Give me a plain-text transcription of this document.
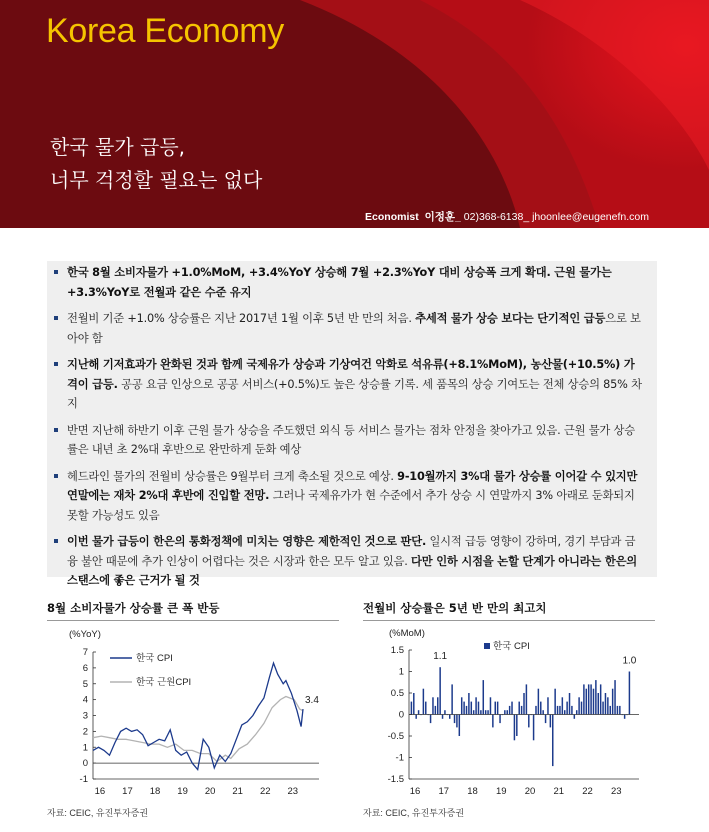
Korea Economy
한국 물가 급등,
너무 걱정할 필요는 없다
Economist 이정훈_ 02)368-6138_ jhoonlee@eugenefn.com
한국 8월 소비자물가 +1.0%MoM, +3.4%YoY 상승해 7월 +2.3%YoY 대비 상승폭 크게 확대. 근원 물가는 +3.3%YoY로 전월과 같은 수준 유지
전월비 기준 +1.0% 상승률은 지난 2017년 1월 이후 5년 반 만의 처음. 추세적 물가 상승 보다는 단기적인 급등으로 보아야 함
지난해 기저효과가 완화된 것과 함께 국제유가 상승과 기상여건 악화로 석유류(+8.1%MoM), 농산물(+10.5%) 가격이 급등. 공공 요금 인상으로 공공 서비스(+0.5%)도 높은 상승률 기록. 세 품목의 상승 기여도는 전체 상승의 85% 차지
반면 지난해 하반기 이후 근원 물가 상승을 주도했던 외식 등 서비스 물가는 점차 안정을 찾아가고 있음. 근원 물가 상승률은 내년 초 2%대 후반으로 완만하게 둔화 예상
헤드라인 물가의 전월비 상승률은 9월부터 크게 축소될 것으로 예상. 9-10월까지 3%대 물가 상승률 이어갈 수 있지만 연말에는 재차 2%대 후반에 진입할 전망. 그러나 국제유가가 현 수준에서 추가 상승 시 연말까지 3% 아래로 둔화되지 못할 가능성도 있음
이번 물가 급등이 한은의 통화정책에 미치는 영향은 제한적인 것으로 판단. 일시적 급등 영향이 강하며, 경기 부담과 금융 불안 때문에 추가 인상이 어렵다는 것은 시장과 한은 모두 알고 있음. 다만 인하 시점을 논할 단계가 아니라는 한은의 스탠스에 좋은 근거가 될 것
8월 소비자물가 상승률 큰 폭 반등
(%YoY)
-1
0
1
2
3
4
5
6
7
16 17 18 19 20 21 22 23
한국 CPI
한국 근원CPI
3.4
자료: CEIC, 유진투자증권
전월비 상승률은 5년 반 만의 최고치
(%MoM)
-1.5
-1
-0.5
0
0.5
1
1.5
16 17 18 19 20 21 22 23
한국 CPI
1.1	1.0
자료: CEIC, 유진투자증권
